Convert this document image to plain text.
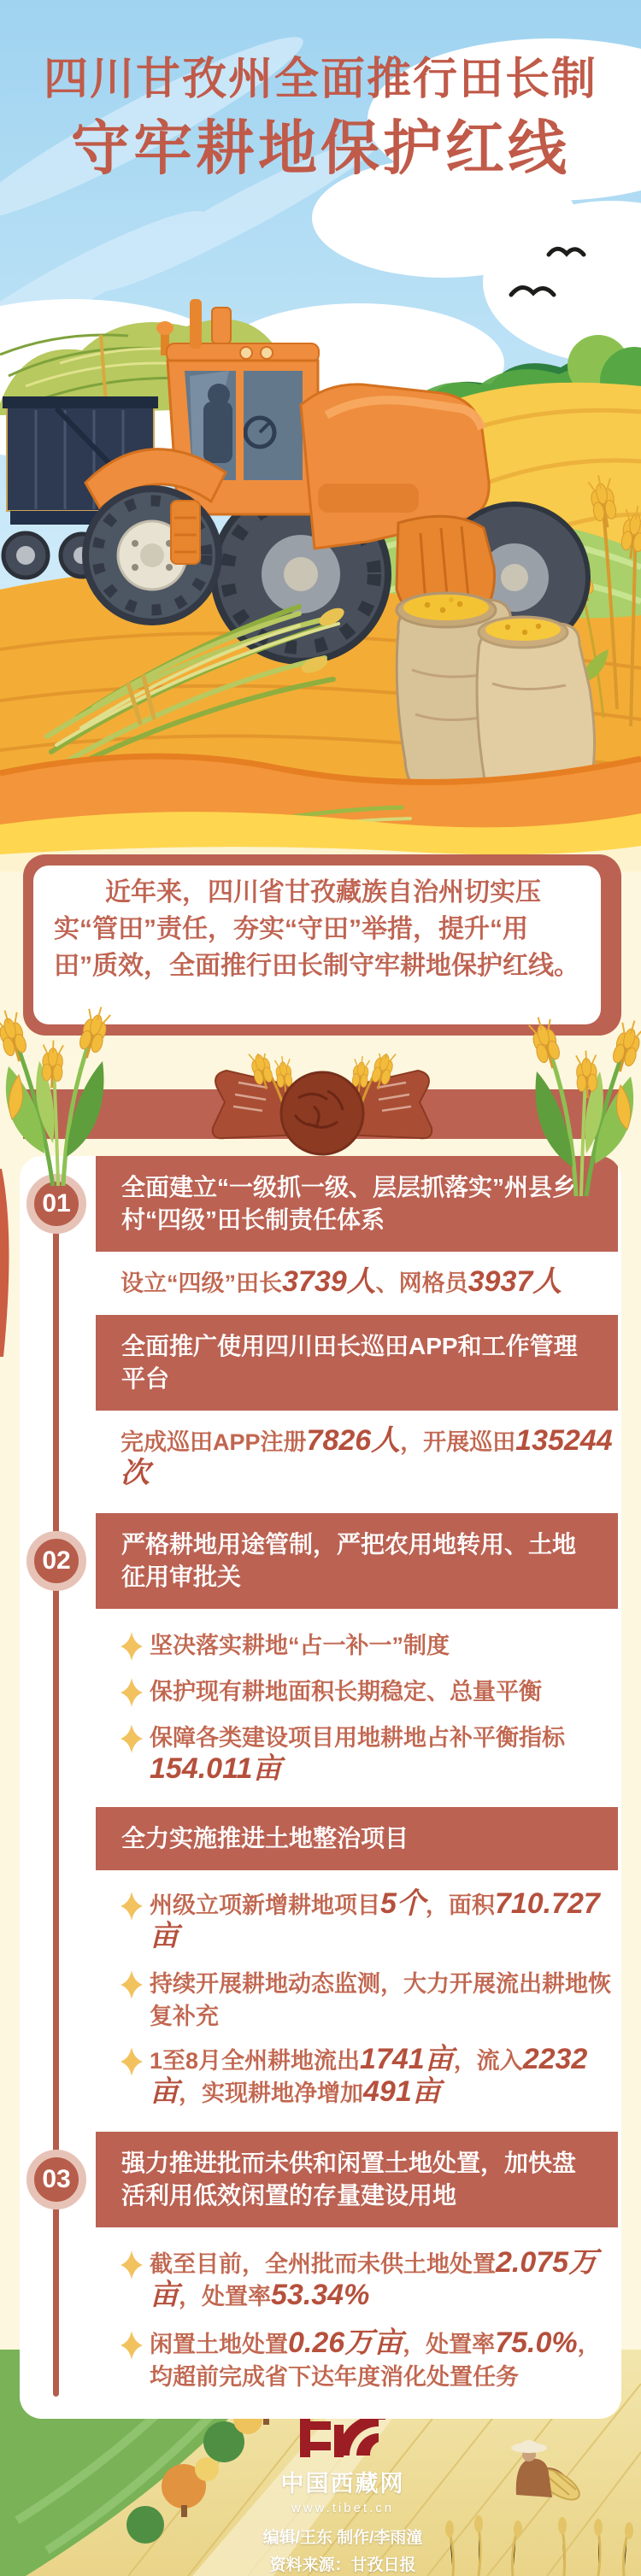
四川甘孜州全面推行田长制
守牢耕地保护红线

近年来，四川省甘孜藏族自治州切实压实“管田”责任，夯实“守田”举措，提升“用田”质效，全面推行田长制守牢耕地保护红线。

01
全面建立“一级抓一级、层层抓落实”州县乡村“四级”田长制责任体系
设立“四级”田长3739人、网格员3937人
全面推广使用四川田长巡田APP和工作管理平台
完成巡田APP注册7826人，开展巡田135244次
02
严格耕地用途管制，严把农用地转用、土地征用审批关
坚决落实耕地“占一补一”制度
保护现有耕地面积长期稳定、总量平衡
保障各类建设项目用地耕地占补平衡指标154.011亩
全力实施推进土地整治项目
州级立项新增耕地项目5个，面积710.727亩
持续开展耕地动态监测，大力开展流出耕地恢复补充
1至8月全州耕地流出1741亩，流入2232亩，实现耕地净增加491亩
03
强力推进批而未供和闲置土地处置，加快盘活利用低效闲置的存量建设用地
截至目前，全州批而未供土地处置2.075万亩，处置率53.34%
闲置土地处置0.26万亩，处置率75.0%，均超前完成省下达年度消化处置任务
中国西藏网
www.tibet.cn
编辑/王东 制作/李雨潼
资料来源：甘孜日报
